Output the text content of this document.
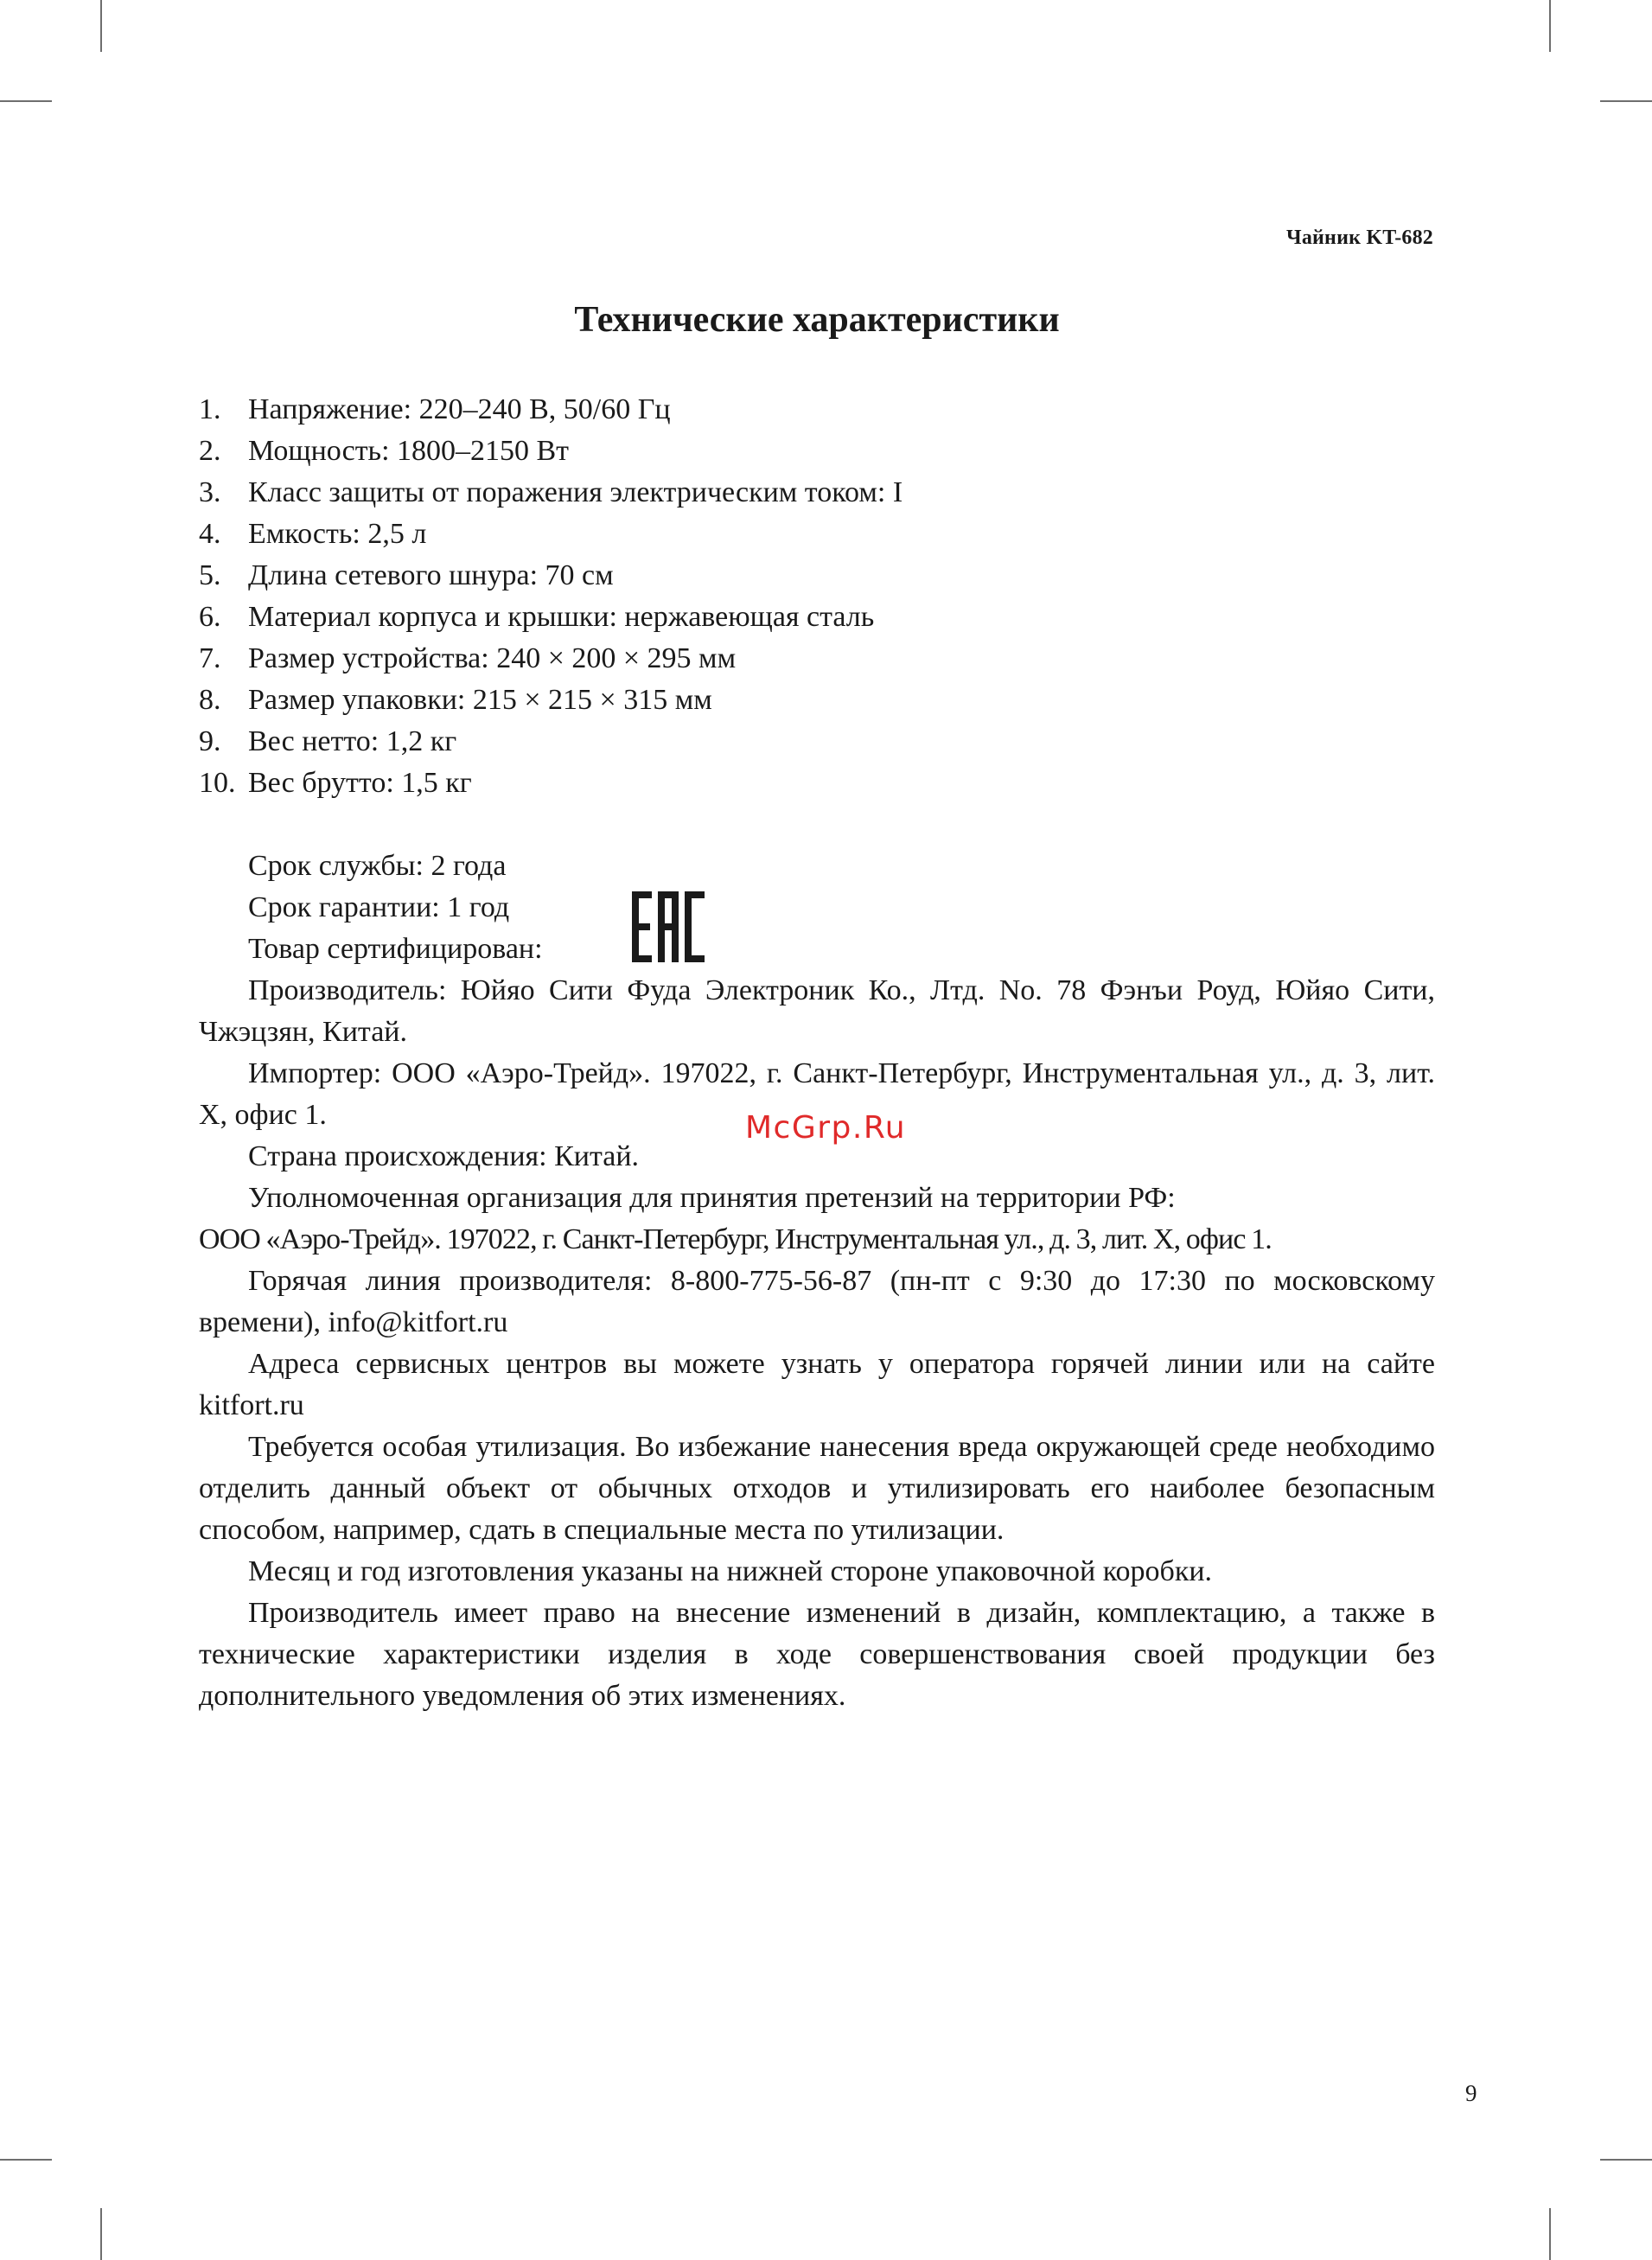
Чайник KT-682
Технические характеристики
1. Напряжение: 220–240 В, 50/60 Гц
2. Мощность: 1800–2150 Вт
3. Класс защиты от поражения электрическим током: I
4. Емкость: 2,5 л
5. Длина сетевого шнура: 70 см
6. Материал корпуса и крышки: нержавеющая сталь
7. Размер устройства: 240 × 200 × 295 мм
8. Размер упаковки: 215 × 215 × 315 мм
9. Вес нетто: 1,2 кг
10. Вес брутто: 1,5 кг

Срок службы: 2 года

Срок гарантии: 1 год

Товар сертифицирован:

Производитель: Юйяо Сити Фуда Электроник Ко., Лтд. No. 78 Фэнъи Роуд, Юйяо Сити, Чжэцзян, Китай.

Импортер: ООО «Аэро-Трейд». 197022, г. Санкт-Петербург, Инструментальная ул., д. 3, лит. Х, офис 1.

Страна происхождения: Китай.

Уполномоченная организация для принятия претензий на территории РФ:

ООО «Аэро-Трейд». 197022, г. Санкт-Петербург, Инструментальная ул., д. 3, лит. Х, офис 1.

Горячая линия производителя: 8-800-775-56-87 (пн-пт с 9:30 до 17:30 по московскому времени), info@kitfort.ru

Адреса сервисных центров вы можете узнать у оператора горячей линии или на сайте kitfort.ru

Требуется особая утилизация. Во избежание нанесения вреда окружающей среде необходимо отделить данный объект от обычных отходов и утилизировать его наиболее безопасным способом, например, сдать в специальные места по утилизации.

Месяц и год изготовления указаны на нижней стороне упаковочной коробки.

Производитель имеет право на внесение изменений в дизайн, комплектацию, а также в технические характеристики изделия в ходе совершенствования своей продукции без дополнительного уведомления об этих изменениях.

McGrp.Ru
9
